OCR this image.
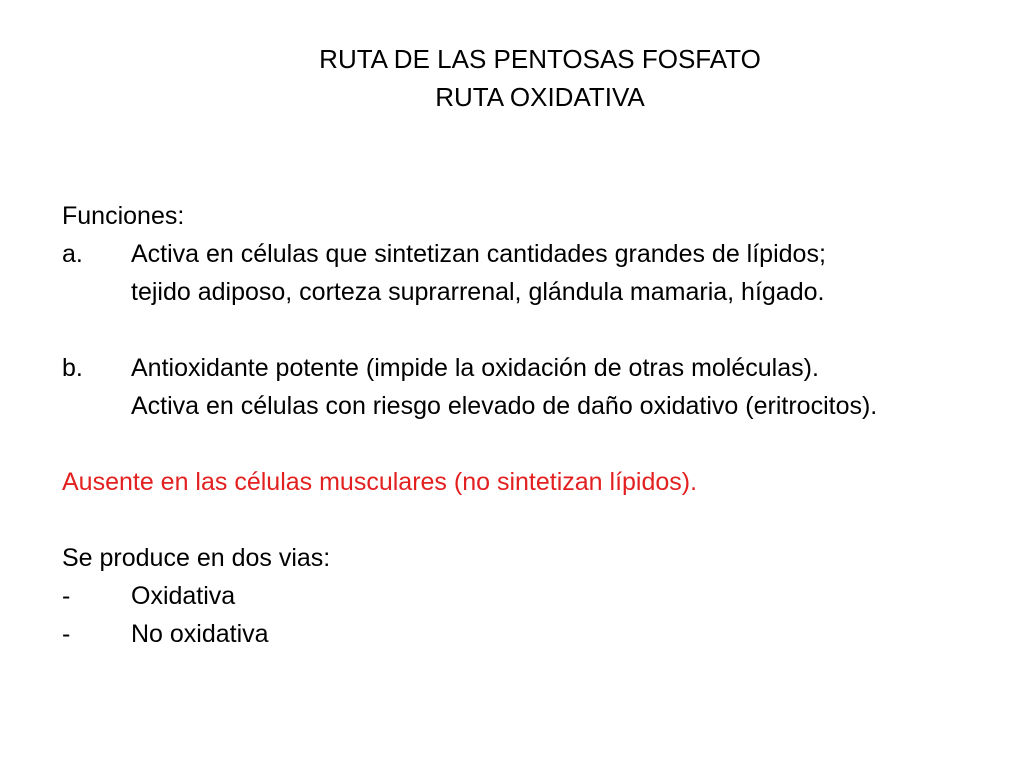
RUTA DE LAS PENTOSAS FOSFATO
RUTA OXIDATIVA
Funciones:
a.	Activa en células que sintetizan cantidades grandes de lípidos;
tejido adiposo, corteza suprarrenal, glándula mamaria, hígado.
b.	Antioxidante potente (impide la oxidación de otras moléculas).
Activa en células con riesgo elevado de daño oxidativo (eritrocitos).
Ausente en las células musculares (no sintetizan lípidos).
Se produce en dos vias:
-	Oxidativa
-	No oxidativa
